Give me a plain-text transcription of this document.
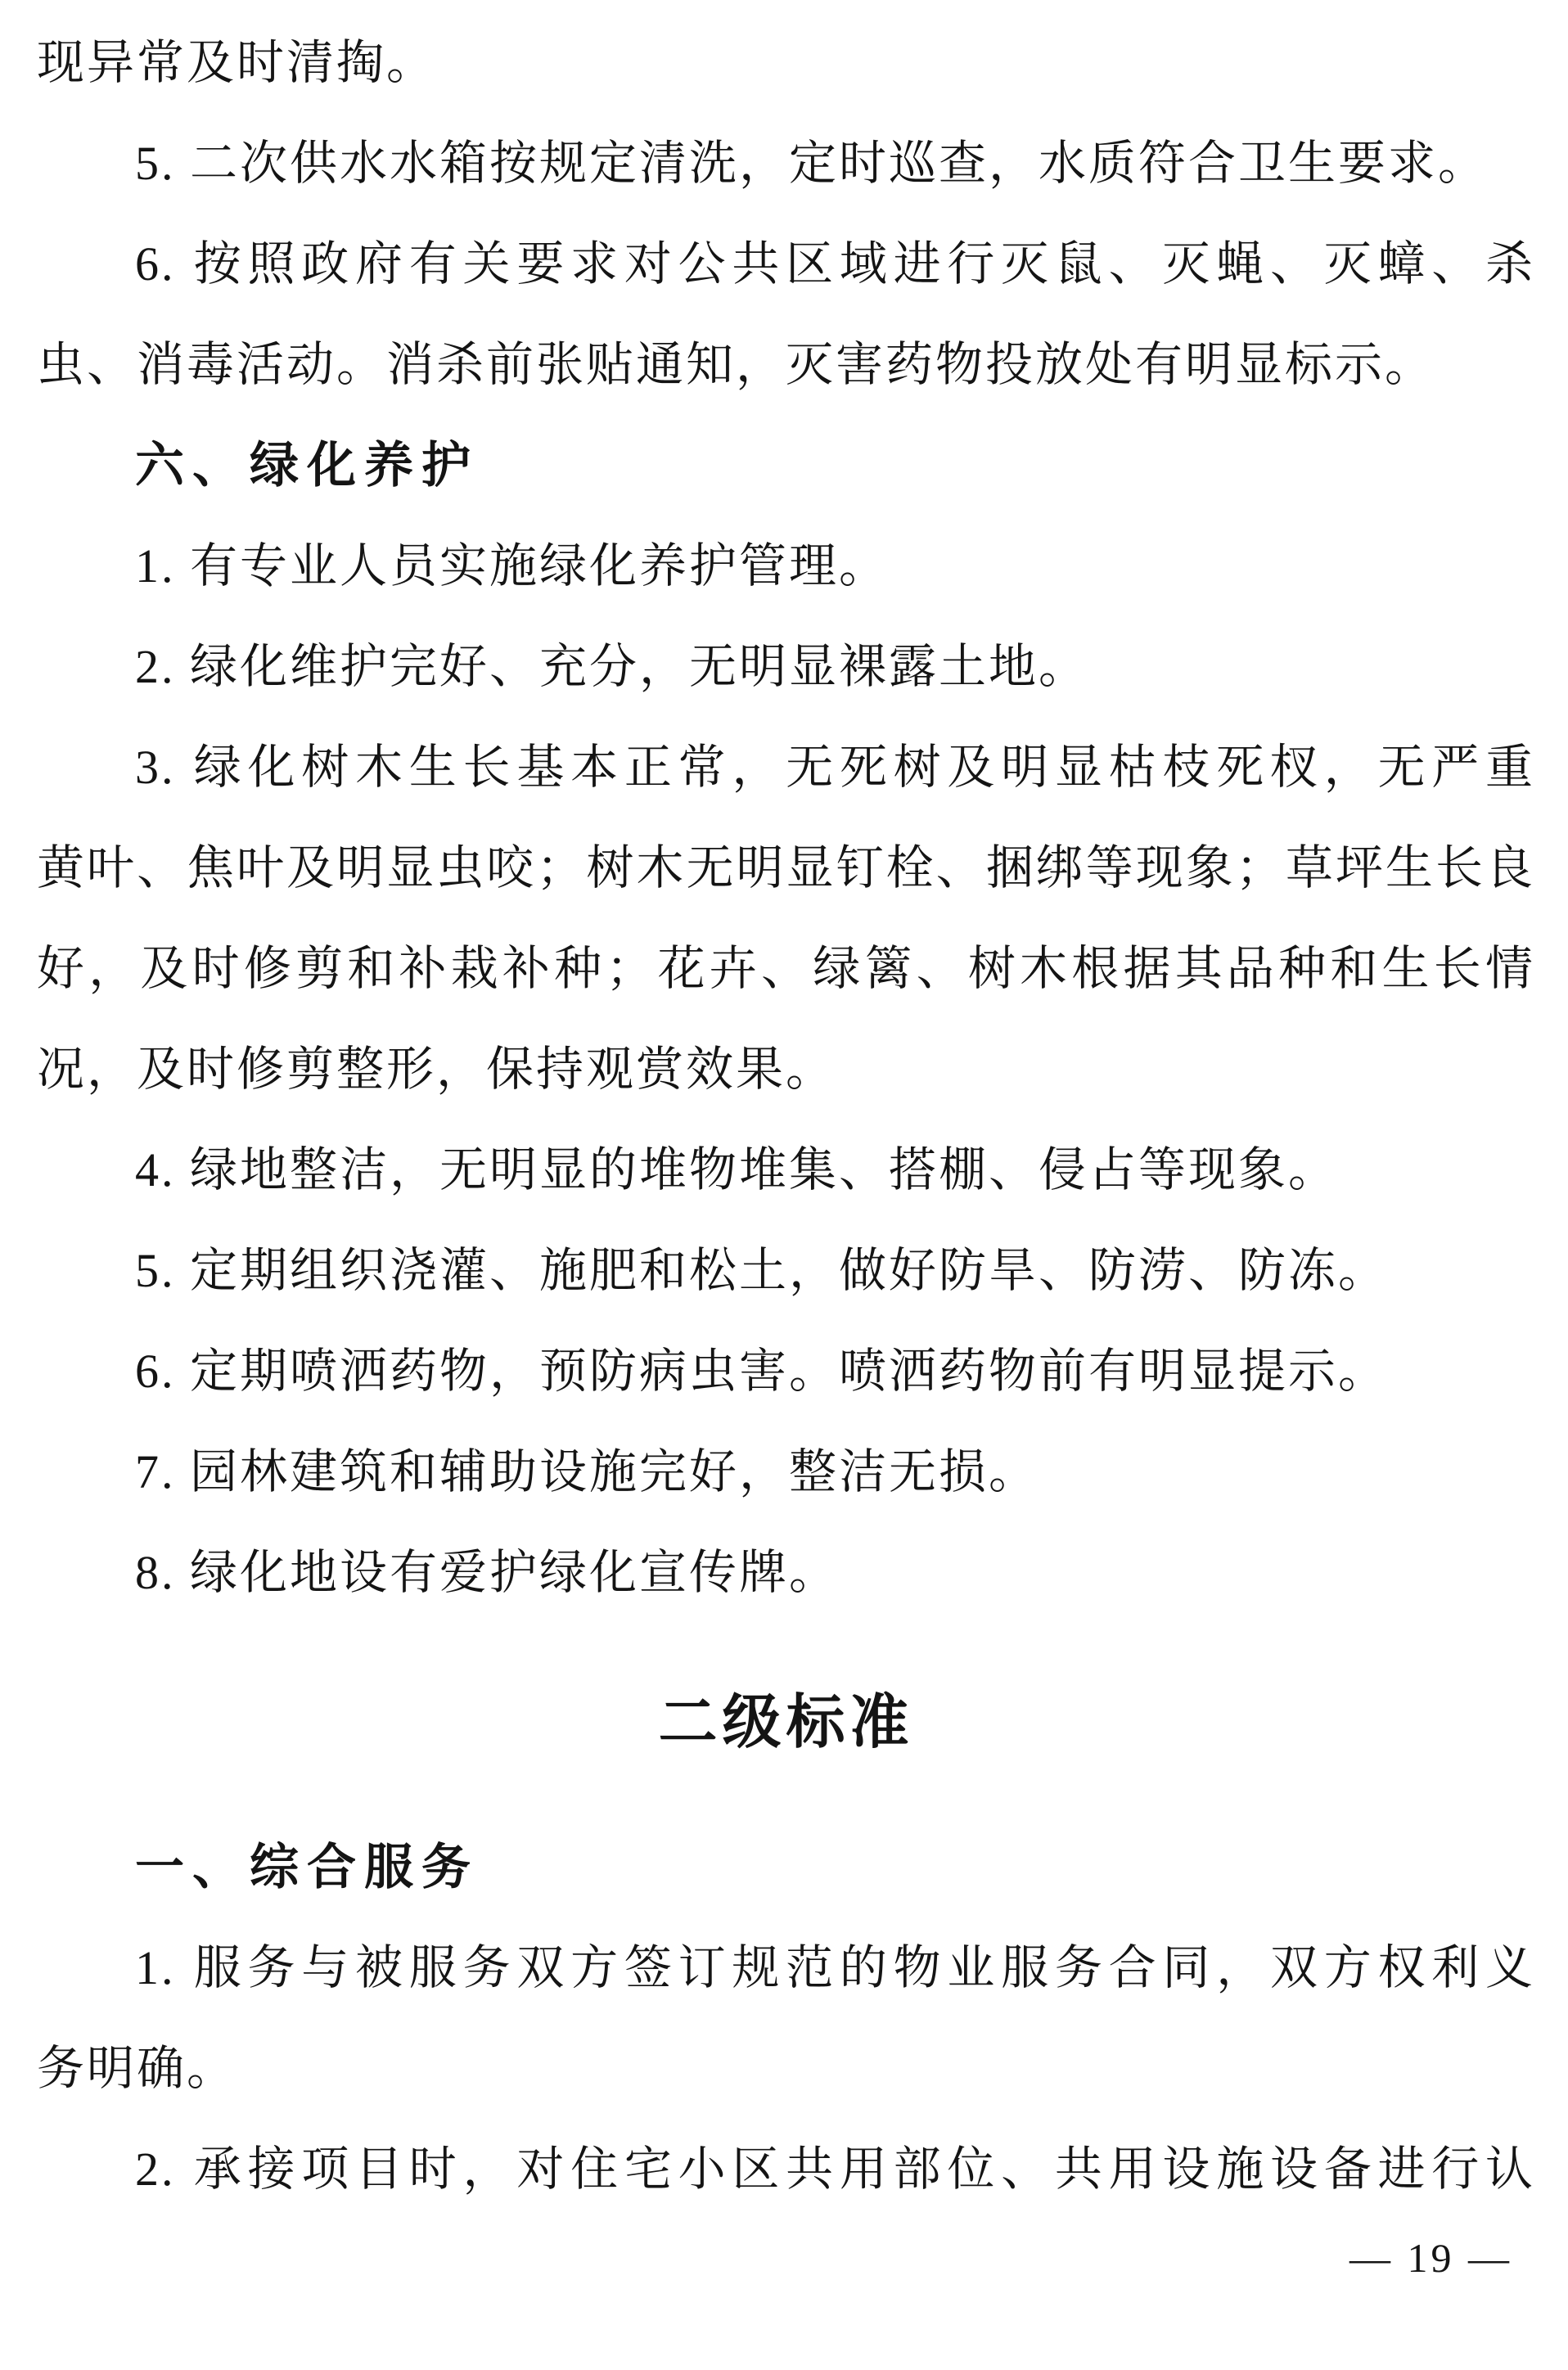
现异常及时清掏。
5. 二次供水水箱按规定清洗，定时巡查，水质符合卫生要求。
6. 按照政府有关要求对公共区域进行灭鼠、灭蝇、灭蟑、杀
虫、消毒活动。消杀前张贴通知，灭害药物投放处有明显标示。
六、绿化养护
1. 有专业人员实施绿化养护管理。
2. 绿化维护完好、充分，无明显裸露土地。
3. 绿化树木生长基本正常，无死树及明显枯枝死杈，无严重
黄叶、焦叶及明显虫咬；树木无明显钉栓、捆绑等现象；草坪生长良
好，及时修剪和补栽补种；花卉、绿篱、树木根据其品种和生长情
况，及时修剪整形，保持观赏效果。
4. 绿地整洁，无明显的堆物堆集、搭棚、侵占等现象。
5. 定期组织浇灌、施肥和松土，做好防旱、防涝、防冻。
6. 定期喷洒药物，预防病虫害。喷洒药物前有明显提示。
7. 园林建筑和辅助设施完好，整洁无损。
8. 绿化地设有爱护绿化宣传牌。
二级标准
一、综合服务
1. 服务与被服务双方签订规范的物业服务合同，双方权利义
务明确。
2. 承接项目时，对住宅小区共用部位、共用设施设备进行认
— 19 —
